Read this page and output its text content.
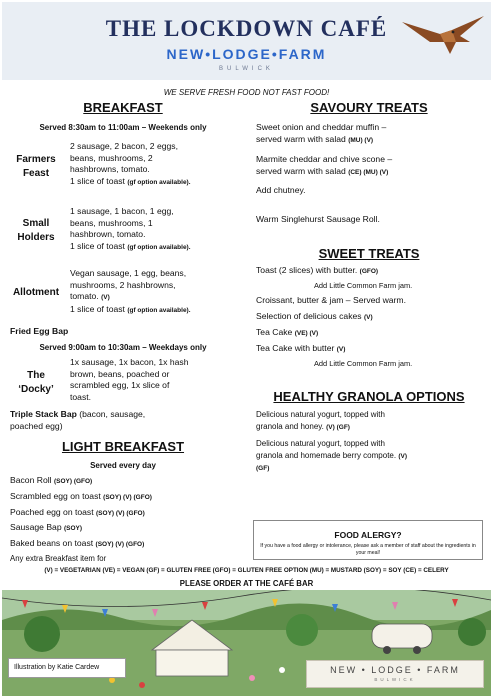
THE LOCKDOWN CAFÉ
NEW•LODGE•FARM
BULWICK
WE SERVE FRESH FOOD NOT FAST FOOD!
BREAKFAST
Served 8:30am to 11:00am – Weekends only
Farmers
Feast
2 sausage, 2 bacon, 2 eggs,
beans, mushrooms, 2
hashbrowns, tomato.
1 slice of toast (gf option available).
Small
Holders
1 sausage, 1 bacon, 1 egg,
beans, mushrooms, 1
hashbrown, tomato.
1 slice of toast (gf option available).
Allotment
Vegan sausage, 1 egg, beans,
mushrooms, 2 hashbrowns,
tomato. (V)
1 slice of toast (gf option available).
Fried Egg Bap
Served 9:00am to 10:30am – Weekdays only
The
‘Docky’
1x sausage, 1x bacon, 1x hash
brown, beans, poached or
scrambled egg, 1x slice of
toast.
Triple Stack Bap (bacon, sausage,
poached egg)
LIGHT BREAKFAST
Served every day
Bacon Roll (SOY) (GFO)
Scrambled egg on toast (SOY) (V) (GFO)
Poached egg on toast (SOY) (V) (GFO)
Sausage Bap (SOY)
Baked beans on toast (SOY) (V) (GFO)
Any extra Breakfast item for
SAVOURY TREATS
Sweet onion and cheddar muffin –
served warm with salad (MU) (V)
Marmite cheddar and chive scone –
served warm with salad (CE) (MU) (V)
Add chutney.
Warm Singlehurst Sausage Roll.
SWEET TREATS
Toast (2 slices) with butter. (GFO)
Add Little Common Farm jam.
Croissant, butter & jam – Served warm.
Selection of delicious cakes (V)
Tea Cake (VE) (V)
Tea Cake with butter (V)
Add Little Common Farm jam.
HEALTHY GRANOLA OPTIONS
Delicious natural yogurt, topped with
granola and honey. (V) (GF)
Delicious natural yogurt, topped with
granola and homemade berry compote. (V)
(GF)
FOOD ALERGY?
If you have a food allergy or intolerance, please ask a member of staff about the ingredients in your meal!
(V) = VEGETARIAN (VE) = VEGAN (GF) = GLUTEN FREE (GFO) = GLUTEN FREE OPTION (MU) = MUSTARD (SOY) = SOY (CE) = CELERY
PLEASE ORDER AT THE CAFÉ BAR
Illustration by Katie Cardew	NEW • LODGE • FARM
BULWICK
